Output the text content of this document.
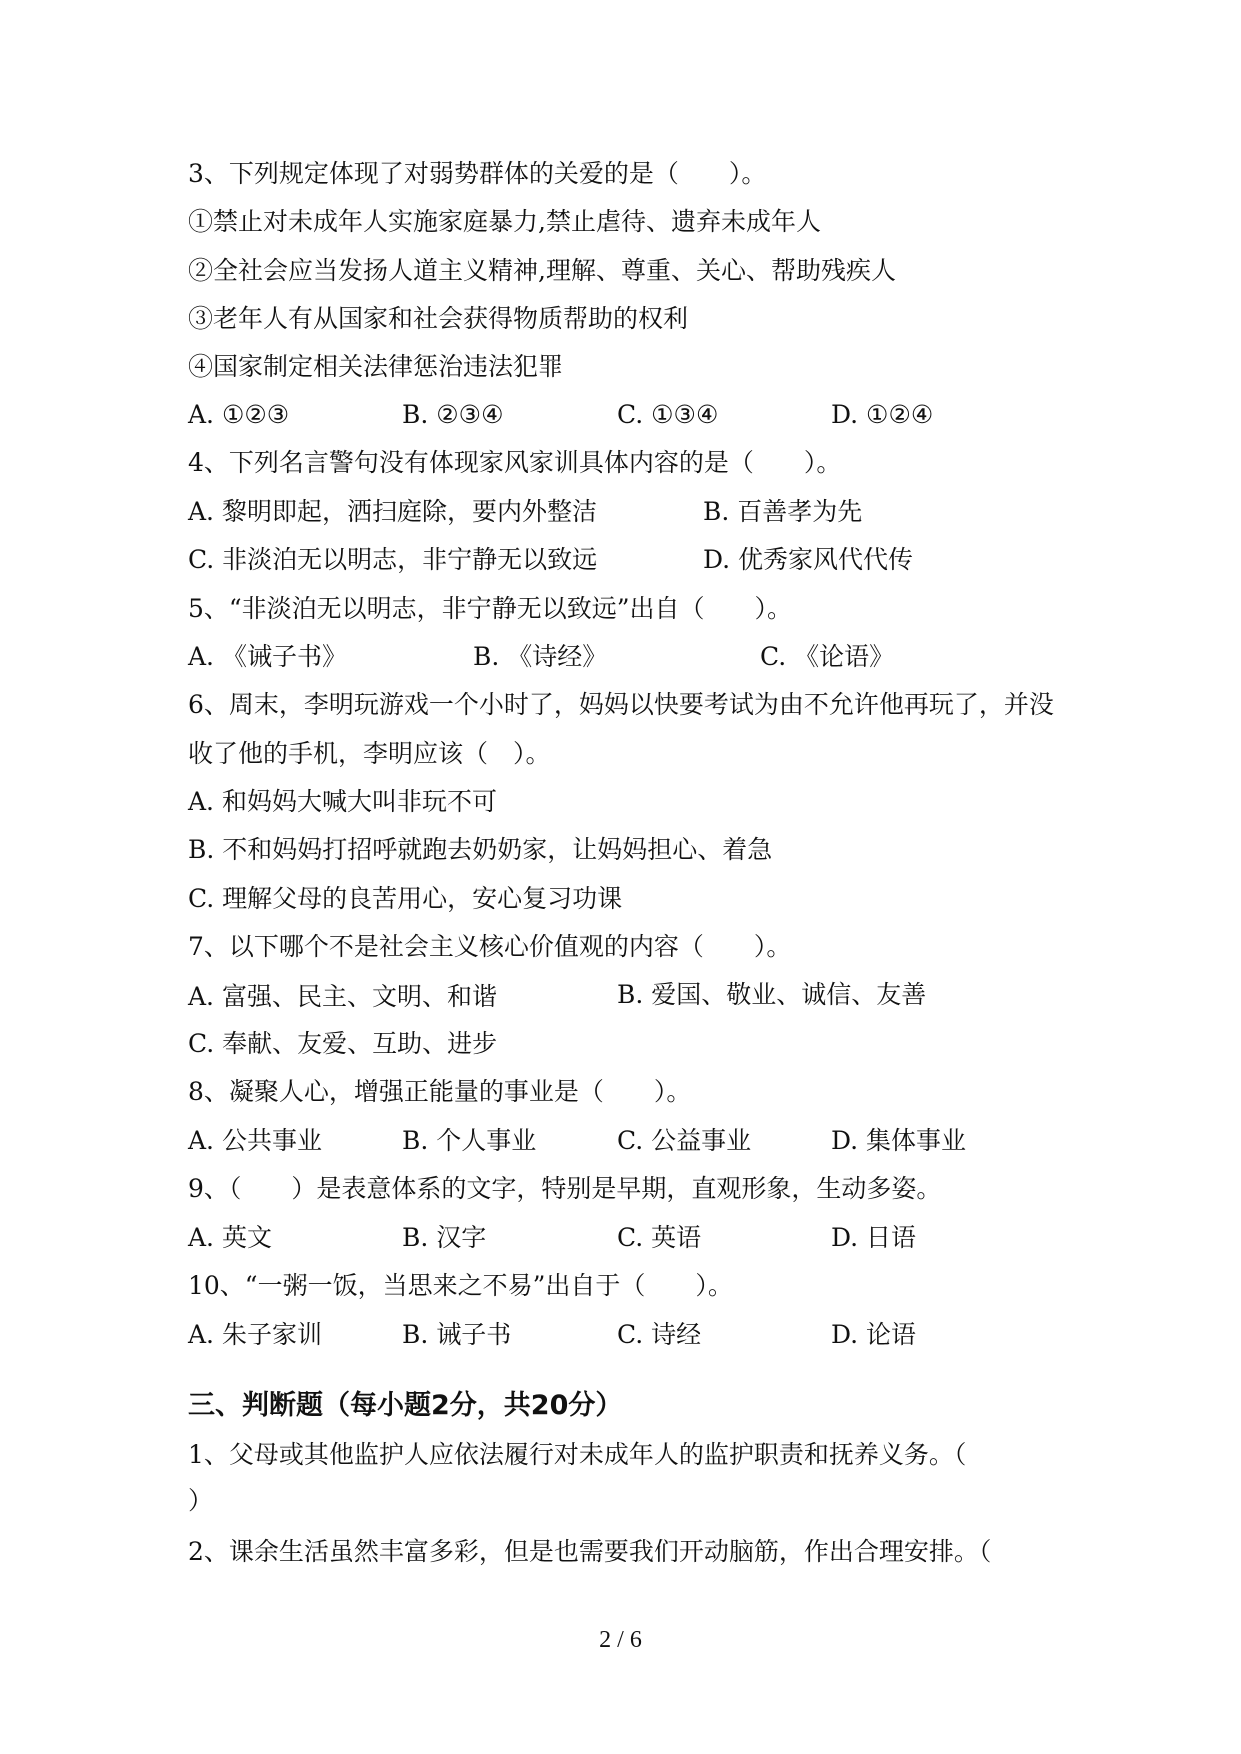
3、下列规定体现了对弱势群体的关爱的是（　　）。
①禁止对未成年人实施家庭暴力,禁止虐待、遗弃未成年人
②全社会应当发扬人道主义精神,理解、尊重、关心、帮助残疾人
③老年人有从国家和社会获得物质帮助的权利
④国家制定相关法律惩治违法犯罪
A. ①②③	B. ②③④	C. ①③④	D. ①②④
4、下列名言警句没有体现家风家训具体内容的是（　　）。
A. 黎明即起，洒扫庭除，要内外整洁	B. 百善孝为先
C. 非淡泊无以明志，非宁静无以致远	D. 优秀家风代代传
5、“非淡泊无以明志，非宁静无以致远”出自（　　）。
A. 《诫子书》	B. 《诗经》	C. 《论语》
6、周末，李明玩游戏一个小时了，妈妈以快要考试为由不允许他再玩了，并没
收了他的手机，李明应该（　）。
A. 和妈妈大喊大叫非玩不可
B. 不和妈妈打招呼就跑去奶奶家，让妈妈担心、着急
C. 理解父母的良苦用心，安心复习功课
7、以下哪个不是社会主义核心价值观的内容（　　）。
A. 富强、民主、文明、和谐	B. 爱国、敬业、诚信、友善
C. 奉献、友爱、互助、进步
8、凝聚人心，增强正能量的事业是（　　）。
A. 公共事业	B. 个人事业	C. 公益事业	D. 集体事业
9、（　　）是表意体系的文字，特别是早期，直观形象，生动多姿。
A. 英文	B. 汉字	C. 英语	D. 日语
10、“一粥一饭，当思来之不易”出自于（　　）。
A. 朱子家训	B. 诫子书	C. 诗经	D. 论语
三、判断题（每小题2分，共20分）
1、父母或其他监护人应依法履行对未成年人的监护职责和抚养义务。（
）
2、课余生活虽然丰富多彩，但是也需要我们开动脑筋，作出合理安排。（
2 / 6
